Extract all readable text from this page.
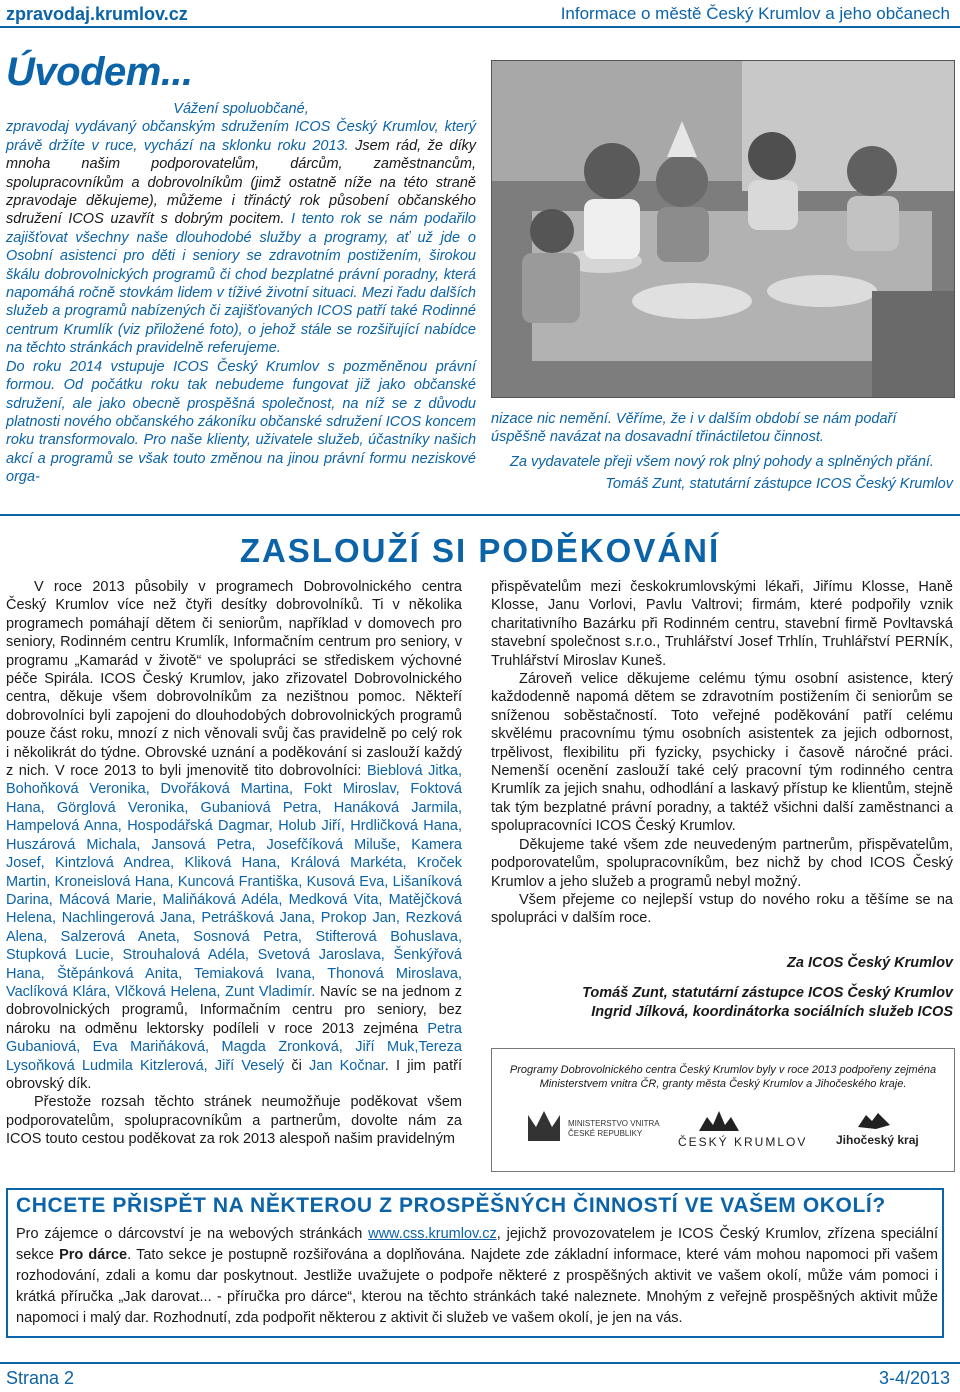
zpravodaj.krumlov.cz	Informace o městě Český Krumlov a jeho občanech
Úvodem...

Vážení spoluobčané,

zpravodaj vydávaný občanským sdružením ICOS Český Krumlov, který právě držíte v ruce, vychází na sklonku roku 2013. Jsem rád, že díky mnoha našim podporovatelům, dárcům, zaměstnancům, spolupracovníkům a dobrovolníkům (jimž ostatně níže na této straně zpravodaje děkujeme), můžeme i třináctý rok působení občanského sdružení ICOS uzavřít s dobrým pocitem. I tento rok se nám podařilo zajišťovat všechny naše dlouhodobé služby a programy, ať už jde o Osobní asistenci pro děti i seniory se zdravotním postižením, širokou škálu dobrovolnických programů či chod bezplatné právní poradny, která napomáhá ročně stovkám lidem v tíživé životní situaci. Mezi řadu dalších služeb a programů nabízených či zajišťovaných ICOS patří také Rodinné centrum Krumlík (viz přiložené foto), o jehož stále se rozšiřující nabídce na těchto stránkách pravidelně referujeme.

Do roku 2014 vstupuje ICOS Český Krumlov s pozměněnou právní formou. Od počátku roku tak nebudeme fungovat již jako občanské sdružení, ale jako obecně prospěšná společnost, na níž se z důvodu platnosti nového občanského zákoníku občanské sdružení ICOS koncem roku transformovalo. Pro naše klienty, uživatele služeb, účastníky našich akcí a programů se však touto změnou na jinou právní formu neziskové orga-

nizace nic nemění. Věříme, že i v dalším období se nám podaří úspěšně navázat na dosavadní třináctiletou činnost.

Za vydavatele přeji všem nový rok plný pohody a splněných přání.

Tomáš Zunt, statutární zástupce ICOS Český Krumlov

ZASLOUŽÍ SI PODĚKOVÁNÍ

V roce 2013 působily v programech Dobrovolnického centra Český Krumlov více než čtyři desítky dobrovolníků. Ti v několika programech pomáhají dětem či seniorům, například v domovech pro seniory, Rodinném centru Krumlík, Informačním centrum pro seniory, v programu „Kamarád v životě“ ve spolupráci se střediskem výchovné péče Spirála. ICOS Český Krumlov, jako zřizovatel Dobrovolnického centra, děkuje všem dobrovolníkům za nezištnou pomoc. Někteří dobrovolníci byli zapojeni do dlouhodobých dobrovolnických programů pouze část roku, mnozí z nich věnovali svůj čas pravidelně po celý rok i několikrát do týdne. Obrovské uznání a poděkování si zaslouží každý z nich. V roce 2013 to byli jmenovitě tito dobrovolníci: Bieblová Jitka, Bohoňková Veronika, Dvořáková Martina, Fokt Miroslav, Foktová Hana, Görglová Veronika, Gubaniová Petra, Hanáková Jarmila, Hampelová Anna, Hospodářská Dagmar, Holub Jiří, Hrdličková Hana, Huszárová Michala, Jansová Petra, Josefčíková Miluše, Kamera Josef, Kintzlová Andrea, Kliková Hana, Králová Markéta, Kroček Martin, Kroneislová Hana, Kuncová Františka, Kusová Eva, Lišaníková Darina, Mácová Marie, Maliňáková Adéla, Medková Vita, Matějčková Helena, Nachlingerová Jana, Petrášková Jana, Prokop Jan, Rezková Alena, Salzerová Aneta, Sosnová Petra, Stifterová Bohuslava, Stupková Lucie, Strouhalová Adéla, Svetová Jaroslava, Šenkýřová Hana, Štěpánková Anita, Temiaková Ivana, Thonová Miroslava, Vaclíková Klára, Vlčková Helena, Zunt Vladimír. Navíc se na jednom z dobrovolnických programů, Informačním centru pro seniory, bez nároku na odměnu lektorsky podíleli v roce 2013 zejména Petra Gubaniová, Eva Mariňáková, Magda Zronková, Jiří Muk,Tereza Lysoňková Ludmila Kitzlerová, Jiří Veselý či Jan Kočnar. I jim patří obrovský dík.

Přestože rozsah těchto stránek neumožňuje poděkovat všem podporovatelům, spolupracovníkům a partnerům, dovolte nám za ICOS touto cestou poděkovat za rok 2013 alespoň našim pravidelným

přispěvatelům mezi českokrumlovskými lékaři, Jiřímu Klosse, Haně Klosse, Janu Vorlovi, Pavlu Valtrovi; firmám, které podpořily vznik charitativního Bazárku při Rodinném centru, stavební firmě Povltavská stavební společnost s.r.o., Truhlářství Josef Trhlín, Truhlářství PERNÍK, Truhlářství Miroslav Kuneš.

Zároveň velice děkujeme celému týmu osobní asistence, který každodenně napomá dětem se zdravotním postižením či seniorům se sníženou soběstačností. Toto veřejné poděkování patří celému skvělému pracovnímu týmu osobních asistentek za jejich odbornost, trpělivost, flexibilitu při fyzicky, psychicky i časově náročné práci. Nemenší ocenění zaslouží také celý pracovní tým rodinného centra Krumlík za jejich snahu, odhodlání a laskavý přístup ke klientům, stejně tak tým bezplatné právní poradny, a taktéž všichni další zaměstnanci a spolupracovníci ICOS Český Krumlov.

Děkujeme také všem zde neuvedeným partnerům, přispěvatelům, podporovatelům, spolupracovníkům, bez nichž by chod ICOS Český Krumlov a jeho služeb a programů nebyl možný.

Všem přejeme co nejlepší vstup do nového roku a těšíme se na spolupráci v dalším roce.

Za ICOS Český Krumlov

Tomáš Zunt, statutární zástupce ICOS Český Krumlov

Ingrid Jílková, koordinátorka sociálních služeb ICOS

Programy Dobrovolnického centra Český Krumlov byly v roce 2013 podpořeny zejména Ministerstvem vnitra ČR, granty města Český Krumlov a Jihočeského kraje.
MINISTERSTVO VNITRA
ČESKÉ REPUBLIKY
ČESKÝ KRUMLOV Jihočeský kraj
CHCETE PŘISPĚT NA NĚKTEROU Z PROSPĚŠNÝCH ČINNOSTÍ VE VAŠEM OKOLÍ?

Pro zájemce o dárcovství je na webových stránkách www.css.krumlov.cz, jejichž provozovatelem je ICOS Český Krumlov, zřízena speciální sekce Pro dárce. Tato sekce je postupně rozšiřována a doplňována. Najdete zde základní informace, které vám mohou napomoci při vašem rozhodování, zdali a komu dar poskytnout. Jestliže uvažujete o podpoře některé z prospěšných aktivit ve vašem okolí, může vám pomoci i krátká příručka „Jak darovat... - příručka pro dárce“, kterou na těchto stránkách také naleznete. Mnohým z veřejně prospěšných aktivit může napomoci i malý dar. Rozhodnutí, zda podpořit některou z aktivit či služeb ve vašem okolí, je jen na vás.

Strana 2	3-4/2013
